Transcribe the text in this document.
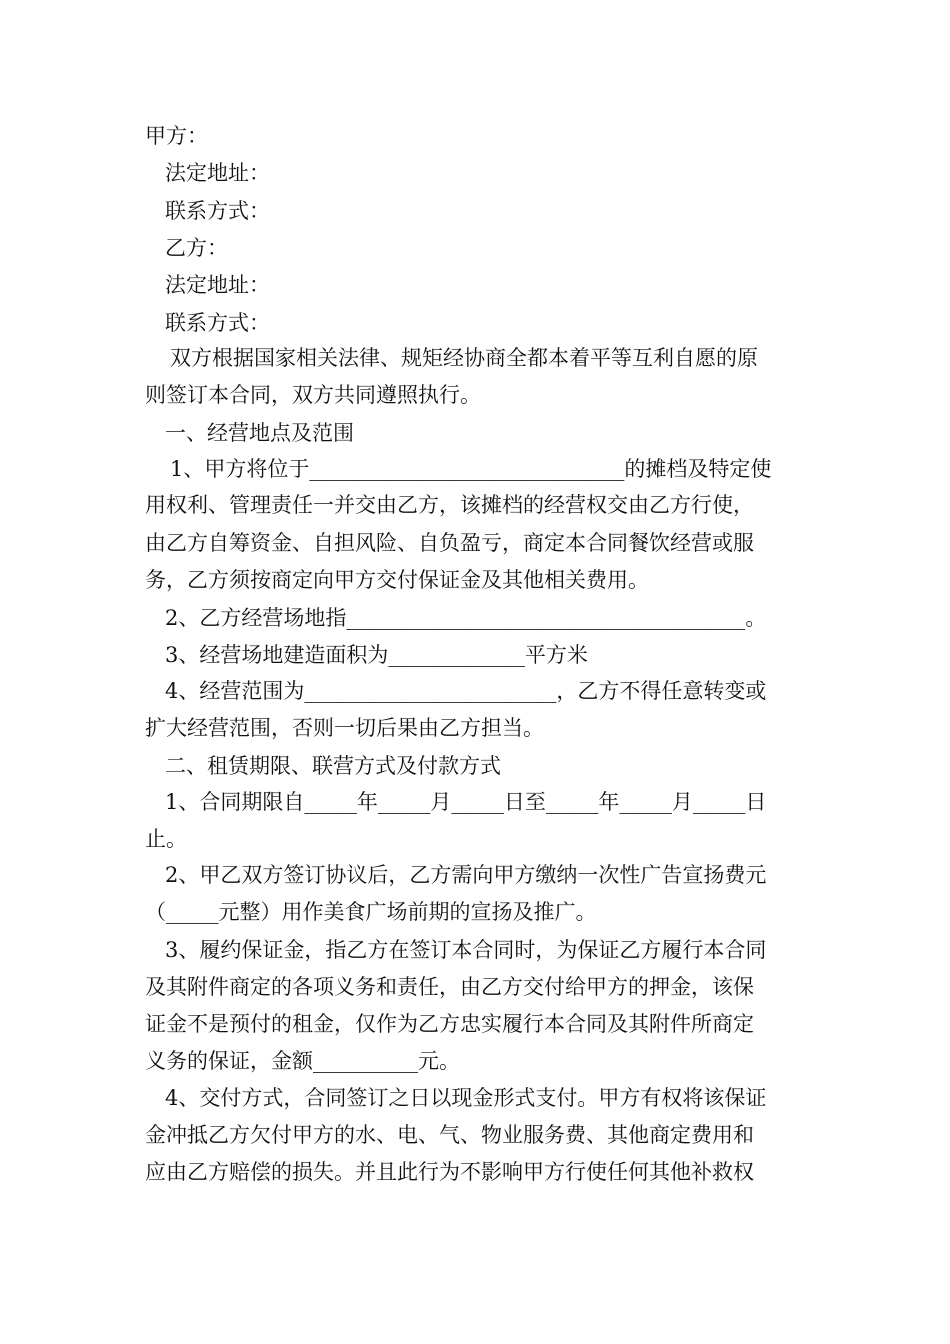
甲方：
法定地址：
联系方式：
乙方：
法定地址：
联系方式：
双方根据国家相关法律、规矩经协商全都本着平等互利自愿的原
则签订本合同，双方共同遵照执行。
一、经营地点及范围
1、甲方将位于______________________________的摊档及特定使
用权利、管理责任一并交由乙方，该摊档的经营权交由乙方行使，
由乙方自筹资金、自担风险、自负盈亏，商定本合同餐饮经营或服
务，乙方须按商定向甲方交付保证金及其他相关费用。
2、乙方经营场地指______________________________________。
3、经营场地建造面积为_____________平方米
4、经营范围为________________________，乙方不得任意转变或
扩大经营范围，否则一切后果由乙方担当。
二、租赁期限、联营方式及付款方式
1、合同期限自_____年_____月_____日至_____年_____月_____日
止。
2、甲乙双方签订协议后，乙方需向甲方缴纳一次性广告宣扬费元
（_____元整）用作美食广场前期的宣扬及推广。
3、履约保证金，指乙方在签订本合同时，为保证乙方履行本合同
及其附件商定的各项义务和责任，由乙方交付给甲方的押金，该保
证金不是预付的租金，仅作为乙方忠实履行本合同及其附件所商定
义务的保证，金额__________元。
4、交付方式，合同签订之日以现金形式支付。甲方有权将该保证
金冲抵乙方欠付甲方的水、电、气、物业服务费、其他商定费用和
应由乙方赔偿的损失。并且此行为不影响甲方行使任何其他补救权
